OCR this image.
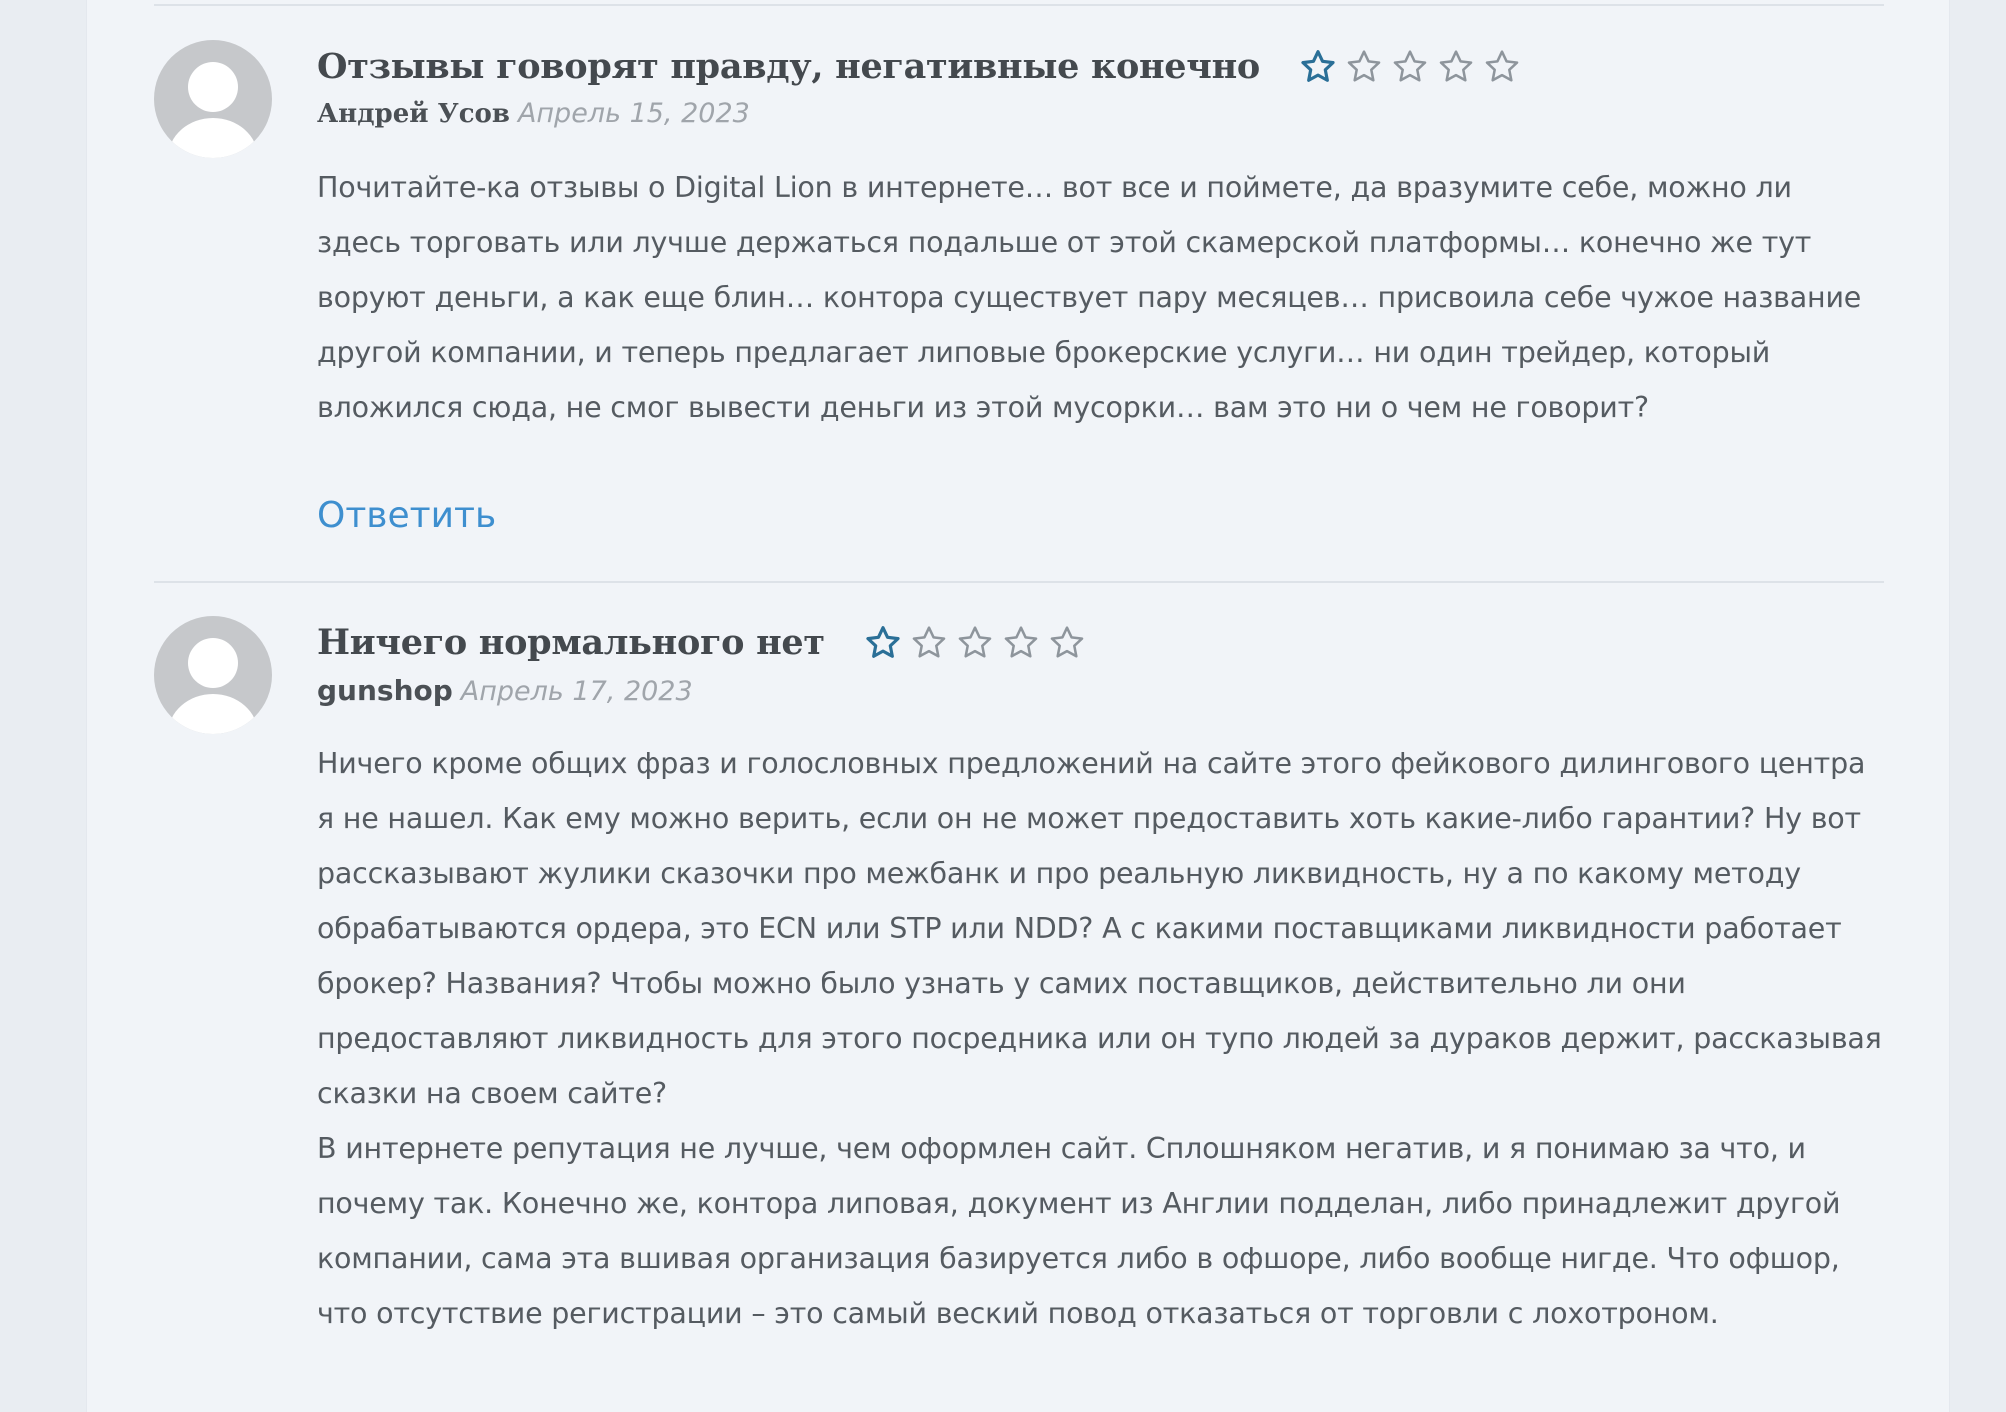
Отзывы говорят правду, негативные конечно
Андрей Усов Апрель 15, 2023

Почитайте-ка отзывы о Digital Lion в интернете… вот все и поймете, да вразумите себе, можно ли здесь торговать или лучше держаться подальше от этой скамерской платформы… конечно же тут воруют деньги, а как еще блин… контора существует пару месяцев… присвоила себе чужое название другой компании, и теперь предлагает липовые брокерские услуги… ни один трейдер, который вложился сюда, не смог вывести деньги из этой мусорки… вам это ни о чем не говорит?

Ответить
Ничего нормального нет
gunshop Апрель 17, 2023

Ничего кроме общих фраз и голословных предложений на сайте этого фейкового дилингового центра я не нашел. Как ему можно верить, если он не может предоставить хоть какие-либо гарантии? Ну вот рассказывают жулики сказочки про межбанк и про реальную ликвидность, ну а по какому методу обрабатываются ордера, это ECN или STP или NDD? А с какими поставщиками ликвидности работает брокер? Названия? Чтобы можно было узнать у самих поставщиков, действительно ли они предоставляют ликвидность для этого посредника или он тупо людей за дураков держит, рассказывая сказки на своем сайте?

В интернете репутация не лучше, чем оформлен сайт. Сплошняком негатив, и я понимаю за что, и почему так. Конечно же, контора липовая, документ из Англии подделан, либо принадлежит другой компании, сама эта вшивая организация базируется либо в офшоре, либо вообще нигде. Что офшор, что отсутствие регистрации – это самый веский повод отказаться от торговли с лохотроном.
